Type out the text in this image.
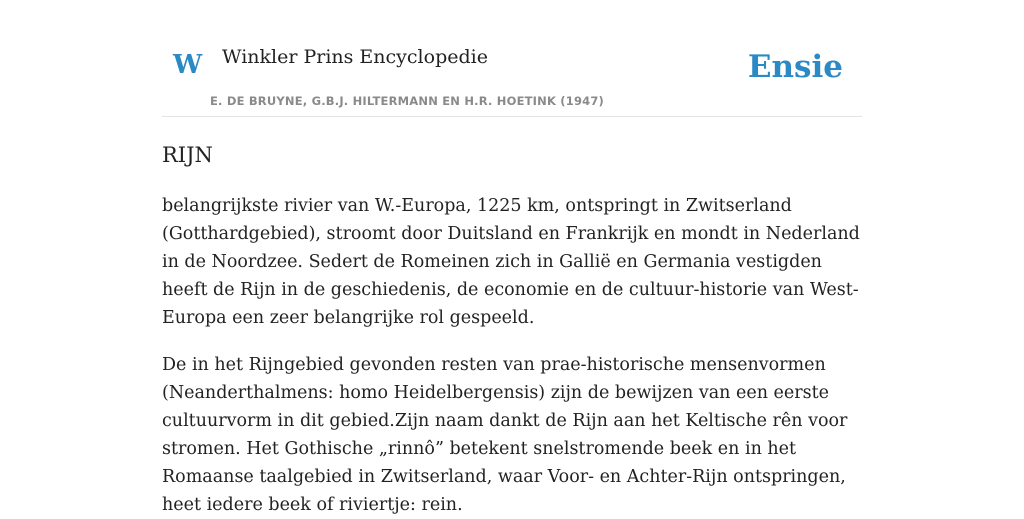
W Winkler Prins Encyclopedie	Ensie
E. DE BRUYNE, G.B.J. HILTERMANN EN H.R. HOETINK (1947)
RIJN

belangrijkste rivier van W.-Europa, 1225 km, ontspringt in Zwitserland (Gotthardgebied), stroomt door Duitsland en Frankrijk en mondt in Nederland in de Noordzee. Sedert de Romeinen zich in Gallië en Germania vestigden heeft de Rijn in de geschiedenis, de economie en de cultuur-historie van West-Europa een zeer belangrijke rol gespeeld.

De in het Rijngebied gevonden resten van prae-historische mensenvormen (Neanderthalmens: homo Heidelbergensis) zijn de bewijzen van een eerste cultuurvorm in dit gebied.Zijn naam dankt de Rijn aan het Keltische rên voor stromen. Het Gothische „rinnô” betekent snelstromende beek en in het Romaanse taalgebied in Zwitserland, waar Voor- en Achter-Rijn ontspringen, heet iedere beek of riviertje: rein.
